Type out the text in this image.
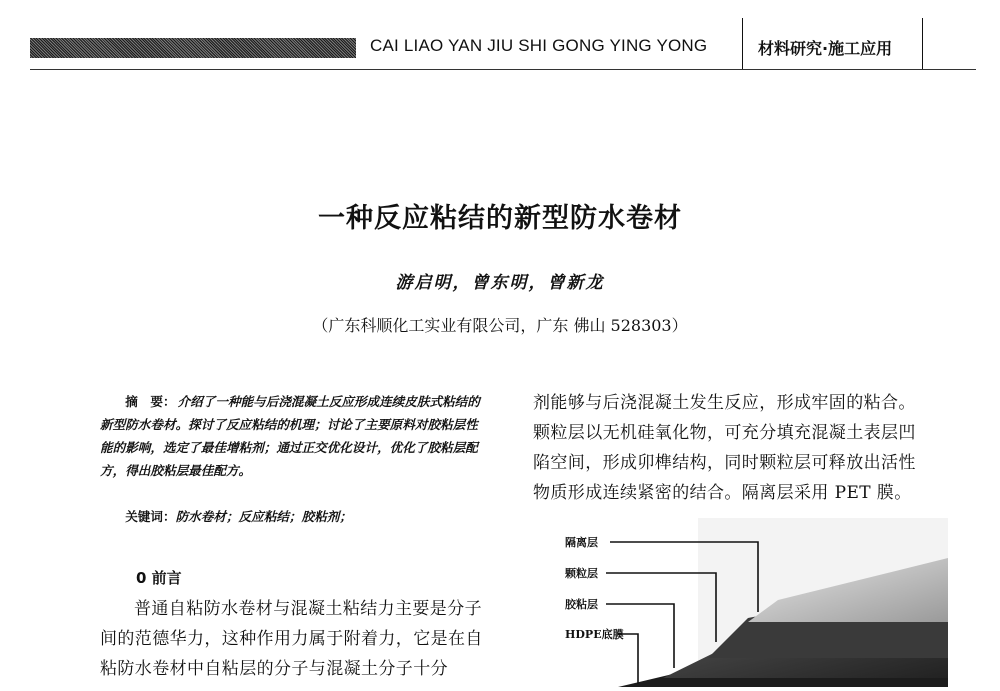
CAI LIAO YAN JIU SHI GONG YING YONG	材料研究·施工应用
一种反应粘结的新型防水卷材
游启明，曾东明，曾新龙
（广东科顺化工实业有限公司，广东 佛山 528303）
摘　要： 介绍了一种能与后浇混凝土反应形成连续皮肤式粘结的新型防水卷材。探讨了反应粘结的机理；讨论了主要原料对胶粘层性能的影响，选定了最佳增粘剂；通过正交优化设计，优化了胶粘层配方，得出胶粘层最佳配方。
关键词：防水卷材；反应粘结；胶粘剂；
0 前言
普通自粘防水卷材与混凝土粘结力主要是分子间的范德华力，这种作用力属于附着力，它是在自粘防水卷材中自粘层的分子与混凝土分子十分
剂能够与后浇混凝土发生反应，形成牢固的粘合。颗粒层以无机硅氧化物，可充分填充混凝土表层凹陷空间，形成卯榫结构，同时颗粒层可释放出活性物质形成连续紧密的结合。隔离层采用 PET 膜。
隔离层
颗粒层
胶粘层
HDPE底膜
